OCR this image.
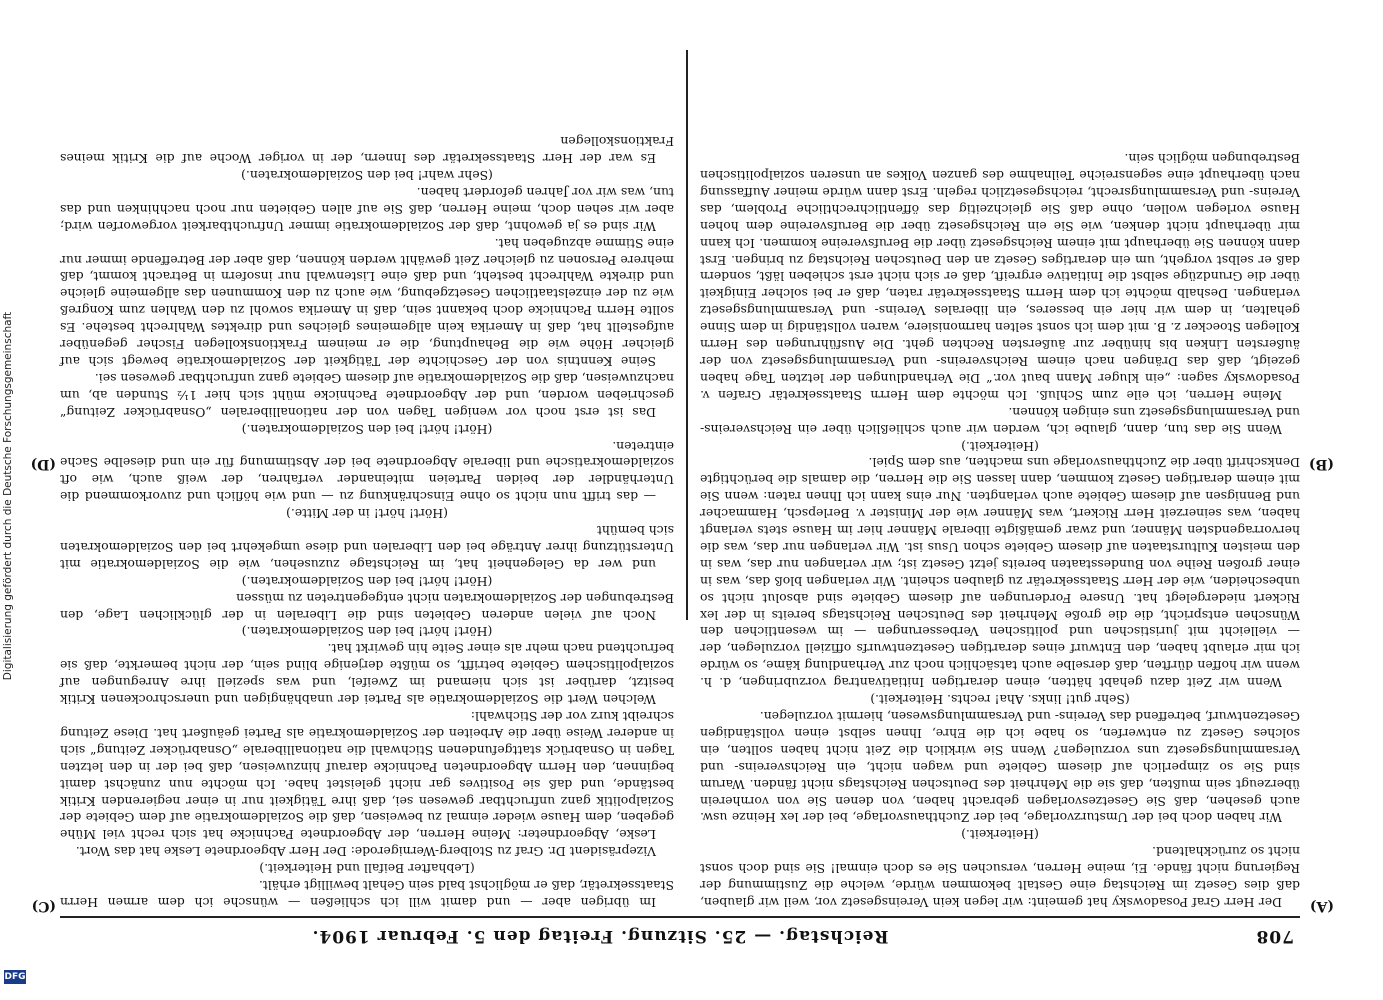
708
Reichstag. — 25. Sitzung. Freitag den 5. Februar 1904.

Der Herr Graf Posadowsky hat gemeint: wir legen kein Vereinsgesetz vor, weil wir glauben, daß dies Gesetz im Reichstag eine Gestalt bekommen würde, welche die Zustimmung der Regierung nicht fände. Ei, meine Herren, versuchen Sie es doch einmal! Sie sind doch sonst nicht so zurückhaltend.

(Heiterkeit.)

Wir haben doch bei der Umsturzvorlage, bei der Zuchthausvorlage, bei der lex Heinze usw. auch gesehen, daß Sie Gesetzesvorlagen gebracht haben, von denen Sie von vornherein überzeugt sein mußten, daß sie die Mehrheit des Deutschen Reichstags nicht fänden. Warum sind Sie so zimperlich auf diesem Gebiete und wagen nicht, ein Reichsvereins- und Versammlungsgesetz uns vorzulegen? Wenn Sie wirklich die Zeit nicht haben sollten, ein solches Gesetz zu entwerfen, so habe ich die Ehre, Ihnen selbst einen vollständigen Gesetzentwurf, betreffend das Vereins- und Versammlungswesen, hiermit vorzulegen.

(Sehr gut! links. Aha! rechts. Heiterkeit.)

Wenn wir Zeit dazu gehabt hätten, einen derartigen Initiativantrag vorzubringen, d. h. wenn wir hoffen dürften, daß derselbe auch tatsächlich noch zur Verhandlung käme, so würde ich mir erlaubt haben, den Entwurf eines derartigen Gesetzentwurfs offiziell vorzulegen, der — vielleicht mit juristischen und politischen Verbesserungen — im wesentlichen den Wünschen entspricht, die die große Mehrheit des Deutschen Reichstags bereits in der lex Rickert niedergelegt hat. Unsere Forderungen auf diesem Gebiete sind absolut nicht so unbescheiden, wie der Herr Staatssekretär zu glauben scheint. Wir verlangen bloß das, was in einer großen Reihe von Bundesstaaten bereits jetzt Gesetz ist; wir verlangen nur das, was in den meisten Kulturstaaten auf diesem Gebiete schon Usus ist. Wir verlangen nur das, was die hervorragendsten Männer, und zwar gemäßigte liberale Männer hier im Hause stets verlangt haben, was seinerzeit Herr Rickert, was Männer wie der Minister v. Berlepsch, Hammacher und Bennigsen auf diesem Gebiete auch verlangten. Nur eins kann ich Ihnen raten: wenn Sie mit einem derartigen Gesetz kommen, dann lassen Sie die Herren, die damals die berüchtigte Denkschrift über die Zuchthausvorlage uns machten, aus dem Spiel.

(Heiterkeit.)

Wenn Sie das tun, dann, glaube ich, werden wir auch schließlich über ein Reichsvereins- und Versammlungsgesetz uns einigen können.

Meine Herren, ich eile zum Schluß. Ich möchte dem Herrn Staatssekretär Grafen v. Posadowsky sagen: „ein kluger Mann baut vor.“ Die Verhandlungen der letzten Tage haben gezeigt, daß das Drängen nach einem Reichsvereins- und Versammlungsgesetz von der äußersten Linken bis hinüber zur äußersten Rechten geht. Die Ausführungen des Herrn Kollegen Stoecker z. B. mit dem ich sonst selten harmonisiere, waren vollständig in dem Sinne gehalten, in dem wir hier ein besseres, ein liberales Vereins- und Versammlungsgesetz verlangen. Deshalb möchte ich dem Herrn Staatssekretär raten, daß er bei solcher Einigkeit über die Grundzüge selbst die Initiative ergreift, daß er sich nicht erst schieben läßt, sondern daß er selbst vorgeht, um ein derartiges Gesetz an den Deutschen Reichstag zu bringen. Erst dann können Sie überhaupt mit einem Reichsgesetz über die Berufsvereine kommen. Ich kann mir überhaupt nicht denken, wie Sie ein Reichsgesetz über die Berufsvereine dem hohen Hause vorlegen wollen, ohne daß Sie gleichzeitig das öffentlichrechtliche Problem, das Vereins- und Versammlungsrecht, reichsgesetzlich regeln. Erst dann würde meiner Auffassung nach überhaupt eine segensreiche Teilnahme des ganzen Volkes an unseren sozialpolitischen Bestrebungen möglich sein.

Im übrigen aber — und damit will ich schließen — wünsche ich dem armen Herrn Staatssekretär, daß er möglichst bald sein Gehalt bewilligt erhält.

(Lebhafter Beifall und Heiterkeit.)

Vizepräsident Dr. Graf zu Stolberg-Wernigerode: Der Herr Abgeordnete Leske hat das Wort.

Leske, Abgeordneter: Meine Herren, der Abgeordnete Pachnicke hat sich recht viel Mühe gegeben, dem Hause wieder einmal zu beweisen, daß die Sozialdemokratie auf dem Gebiete der Sozialpolitik ganz unfruchtbar gewesen sei, daß ihre Tätigkeit nur in einer negierenden Kritik bestände, und daß sie Positives gar nicht geleistet habe. Ich möchte nun zunächst damit beginnen, den Herrn Abgeordneten Pachnicke darauf hinzuweisen, daß bei der in den letzten Tagen in Osnabrück stattgefundenen Stichwahl die nationalliberale „Osnabrücker Zeitung“ sich in anderer Weise über die Arbeiten der Sozialdemokratie als Partei geäußert hat. Diese Zeitung schreibt kurz vor der Stichwahl:

Welchen Wert die Sozialdemokratie als Partei der unabhängigen und unerschrockenen Kritik besitzt, darüber ist sich niemand im Zweifel, und was speziell ihre Anregungen auf sozialpolitischem Gebiete betrifft, so müßte derjenige blind sein, der nicht bemerkte, daß sie befruchtend nach mehr als einer Seite hin gewirkt hat.

(Hört! hört! bei den Sozialdemokraten.)

Noch auf vielen anderen Gebieten sind die Liberalen in der glücklichen Lage, den Bestrebungen der Sozialdemokraten nicht entgegentreten zu müssen

(Hört! hört! bei den Sozialdemokraten.)

und wer da Gelegenheit hat, im Reichstage zuzusehen, wie die Sozialdemokratie mit Unterstützung ihrer Anträge bei den Liberalen und diese umgekehrt bei den Sozialdemokraten sich bemüht

(Hört! hört! in der Mitte.)

— das trifft nun nicht so ohne Einschränkung zu — und wie höflich und zuvorkommend die Unterhändler der beiden Parteien miteinander verfahren, der weiß auch, wie oft sozialdemokratische und liberale Abgeordnete bei der Abstimmung für ein und dieselbe Sache eintreten.

(Hört! hört! bei den Sozialdemokraten.)

Das ist erst noch vor wenigen Tagen von der nationalliberalen „Osnabrücker Zeitung“ geschrieben worden, und der Abgeordnete Pachnicke müht sich hier 1½ Stunden ab, um nachzuweisen, daß die Sozialdemokratie auf diesem Gebiete ganz unfruchtbar gewesen sei.

Seine Kenntnis von der Geschichte der Tätigkeit der Sozialdemokratie bewegt sich auf gleicher Höhe wie die Behauptung, die er meinem Fraktionskollegen Fischer gegenüber aufgestellt hat, daß in Amerika kein allgemeines gleiches und direktes Wahlrecht bestehe. Es sollte Herrn Pachnicke doch bekannt sein, daß in Amerika sowohl zu den Wahlen zum Kongreß wie zu der einzelstaatlichen Gesetzgebung, wie auch zu den Kommunen das allgemeine gleiche und direkte Wahlrecht besteht, und daß eine Listenwahl nur insofern in Betracht kommt, daß mehrere Personen zu gleicher Zeit gewählt werden können, daß aber der Betreffende immer nur eine Stimme abzugeben hat.

Wir sind es ja gewohnt, daß der Sozialdemokratie immer Unfruchtbarkeit vorgeworfen wird; aber wir sehen doch, meine Herren, daß Sie auf allen Gebieten nur noch nachhinken und das tun, was wir vor Jahren gefordert haben.

(Sehr wahr! bei den Sozialdemokraten.)

Es war der Herr Staatssekretär des Innern, der in voriger Woche auf die Kritik meines Fraktionskollegen

(A)
(B)
(C)
(D)
Digitalisierung gefördert durch die Deutsche Forschungsgemeinschaft
DFG
